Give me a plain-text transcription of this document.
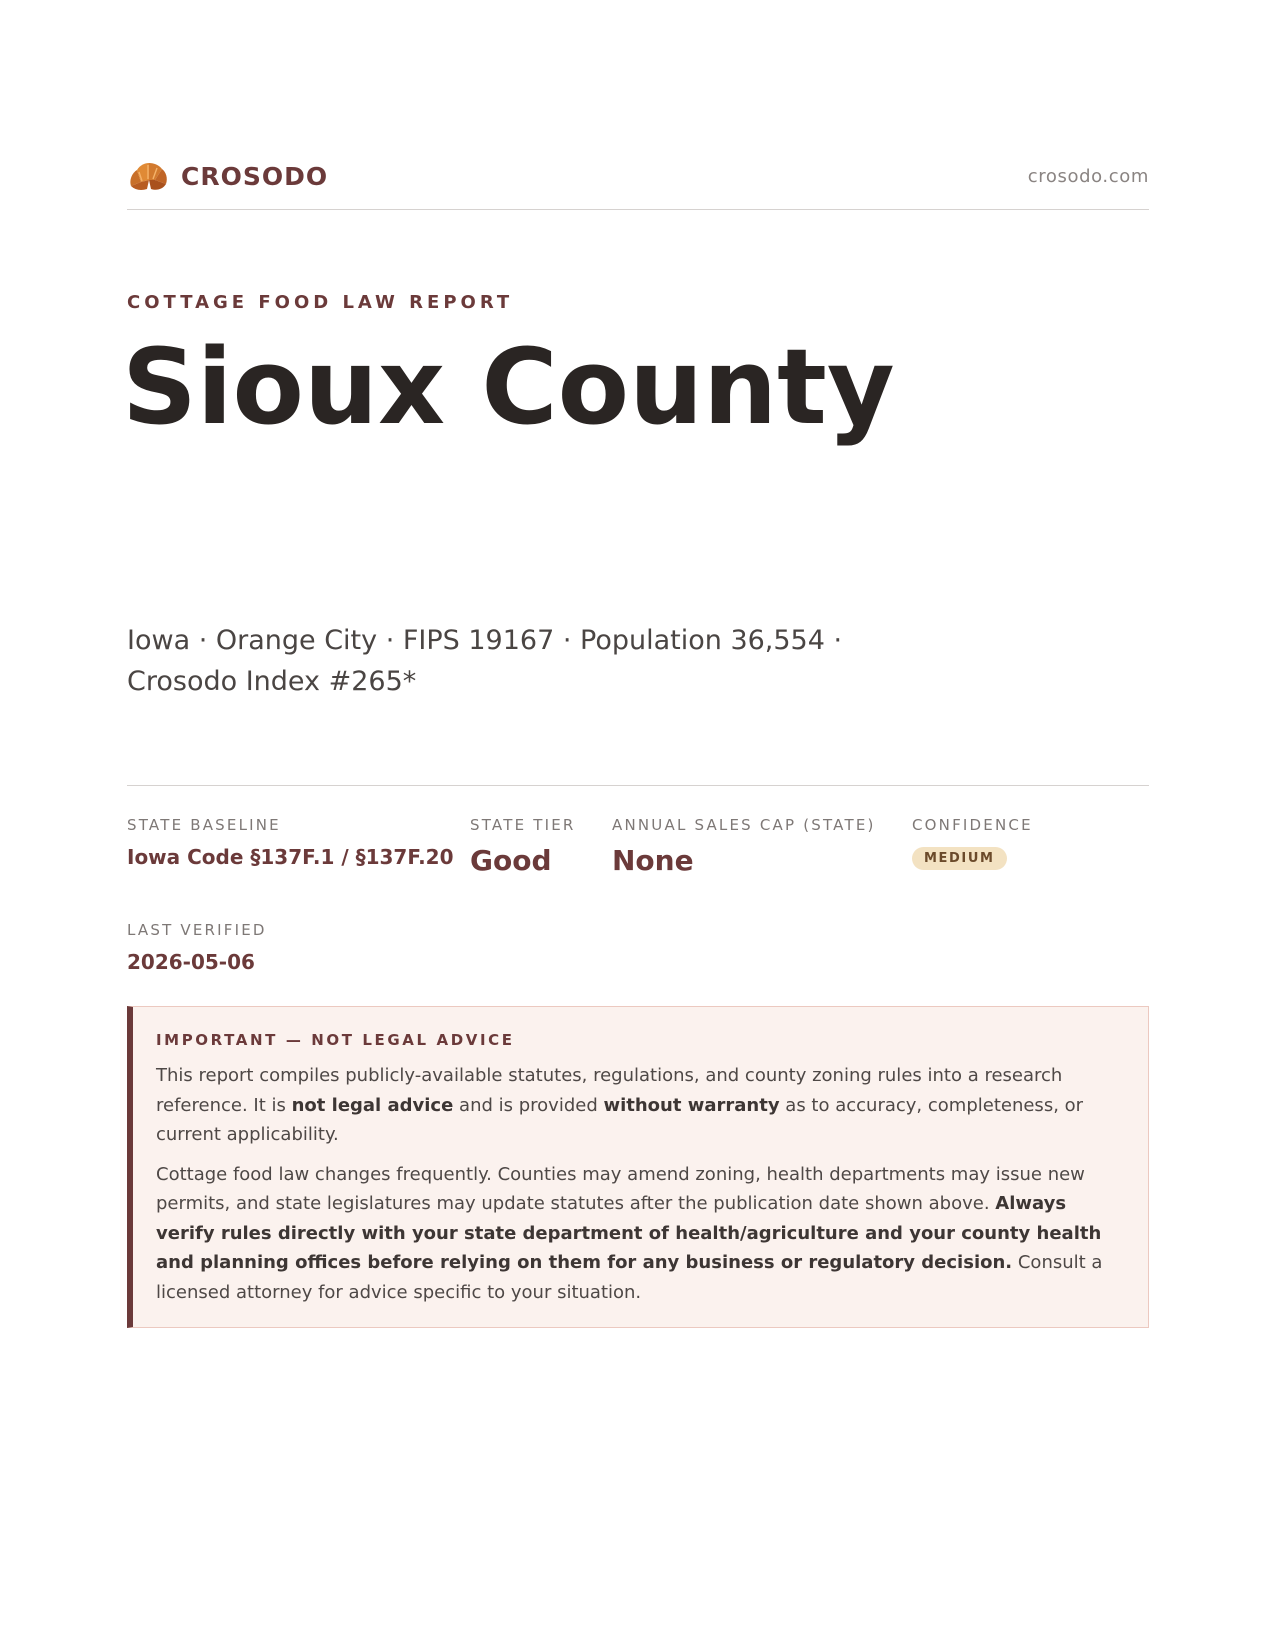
CROSODO	crosodo.com
COTTAGE FOOD LAW REPORT
Sioux County
Iowa · Orange City · FIPS 19167 · Population 36,554 · Crosodo Index #265*
STATE BASELINE
Iowa Code §137F.1 / §137F.20
STATE TIER
Good
ANNUAL SALES CAP (STATE)
None
CONFIDENCE
MEDIUM
LAST VERIFIED
2026-05-06
IMPORTANT — NOT LEGAL ADVICE

This report compiles publicly-available statutes, regulations, and county zoning rules into a research reference. It is not legal advice and is provided without warranty as to accuracy, completeness, or current applicability.

Cottage food law changes frequently. Counties may amend zoning, health departments may issue new permits, and state legislatures may update statutes after the publication date shown above. Always verify rules directly with your state department of health/agriculture and your county health and planning offices before relying on them for any business or regulatory decision. Consult a licensed attorney for advice specific to your situation.
